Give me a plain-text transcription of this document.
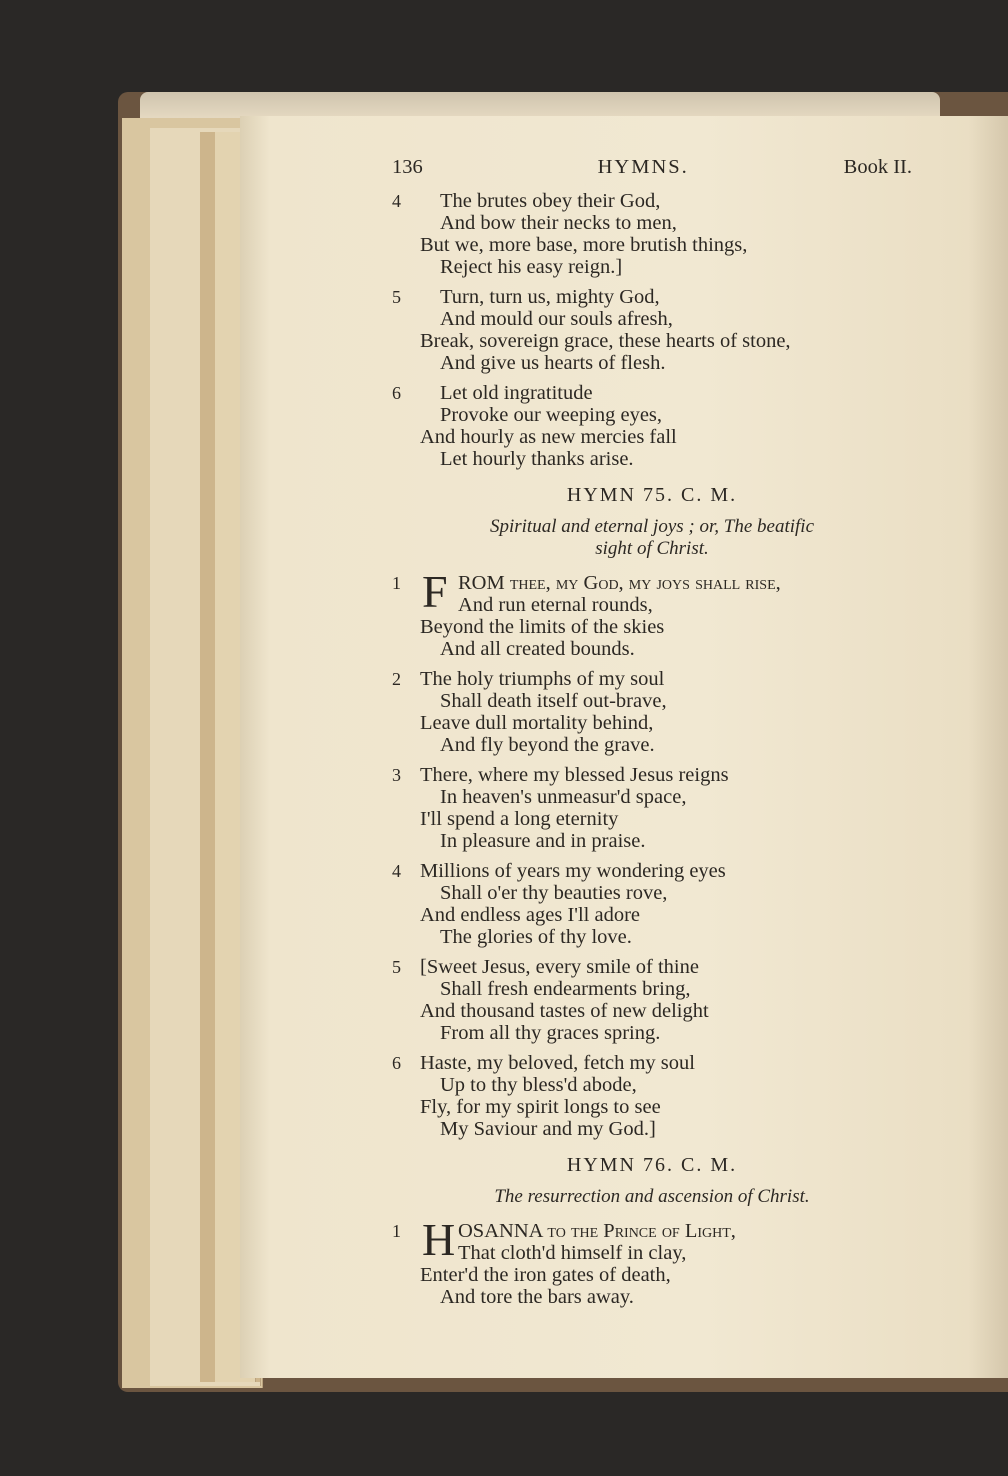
136	HYMNS.	Book II.
4	The brutes obey their God,
And bow their necks to men,
But we, more base, more brutish things,
Reject his easy reign.]
5	Turn, turn us, mighty God,
And mould our souls afresh,
Break, sovereign grace, these hearts of stone,
And give us hearts of flesh.
6	Let old ingratitude
Provoke our weeping eyes,
And hourly as new mercies fall
Let hourly thanks arise.
HYMN 75. C. M.
Spiritual and eternal joys ; or, The beatific
sight of Christ.
1 F ROM thee, my God, my joys shall rise,
And run eternal rounds,
Beyond the limits of the skies
And all created bounds.
2 The holy triumphs of my soul
Shall death itself out-brave,
Leave dull mortality behind,
And fly beyond the grave.
3 There, where my blessed Jesus reigns
In heaven's unmeasur'd space,
I'll spend a long eternity
In pleasure and in praise.
4 Millions of years my wondering eyes
Shall o'er thy beauties rove,
And endless ages I'll adore
The glories of thy love.
5 [Sweet Jesus, every smile of thine
Shall fresh endearments bring,
And thousand tastes of new delight
From all thy graces spring.
6 Haste, my beloved, fetch my soul
Up to thy bless'd abode,
Fly, for my spirit longs to see
My Saviour and my God.]
HYMN 76. C. M.
The resurrection and ascension of Christ.
1 H OSANNA to the Prince of Light,
That cloth'd himself in clay,
Enter'd the iron gates of death,
And tore the bars away.
